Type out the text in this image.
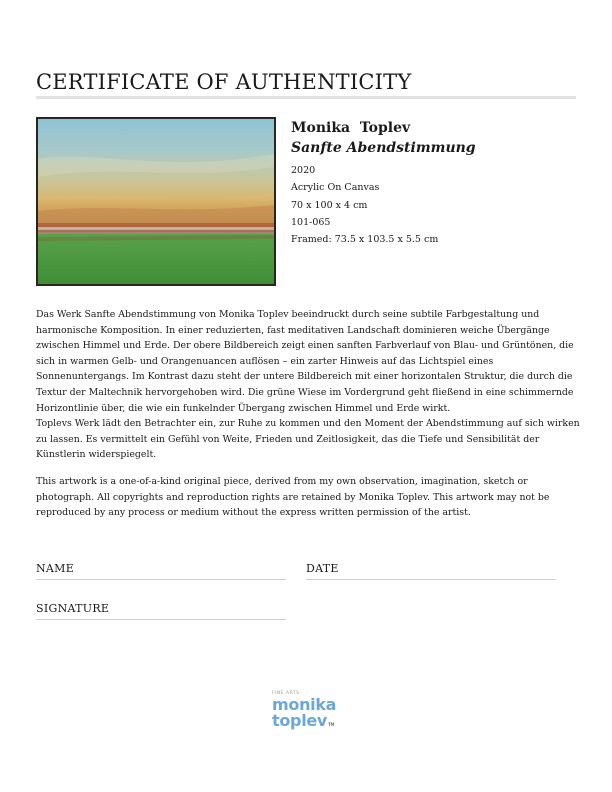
CERTIFICATE OF AUTHENTICITY

Monika  Toplev

Sanfte Abendstimmung

2020

Acrylic On Canvas

70 x 100 x 4 cm

101-065

Framed: 73.5 x 103.5 x 5.5 cm

Das Werk Sanfte Abendstimmung von Monika Toplev beeindruckt durch seine subtile Farbgestaltung und harmonische Komposition. In einer reduzierten, fast meditativen Landschaft dominieren weiche Übergänge zwischen Himmel und Erde. Der obere Bildbereich zeigt einen sanften Farbverlauf von Blau- und Grüntönen, die sich in warmen Gelb- und Orangenuancen auflösen – ein zarter Hinweis auf das Lichtspiel eines Sonnenuntergangs. Im Kontrast dazu steht der untere Bildbereich mit einer horizontalen Struktur, die durch die Textur der Maltechnik hervorgehoben wird. Die grüne Wiese im Vordergrund geht fließend in eine schimmernde Horizontlinie über, die wie ein funkelnder Übergang zwischen Himmel und Erde wirkt.

Toplevs Werk lädt den Betrachter ein, zur Ruhe zu kommen und den Moment der Abendstimmung auf sich wirken zu lassen. Es vermittelt ein Gefühl von Weite, Frieden und Zeitlosigkeit, das die Tiefe und Sensibilität der Künstlerin widerspiegelt.

This artwork is a one-of-a-kind original piece, derived from my own observation, imagination, sketch or photograph. All copyrights and reproduction rights are retained by Monika Toplev. This artwork may not be reproduced by any process or medium without the express written permission of the artist.
NAME	DATE
SIGNATURE
FINE ARTS
monika
toplevTM
